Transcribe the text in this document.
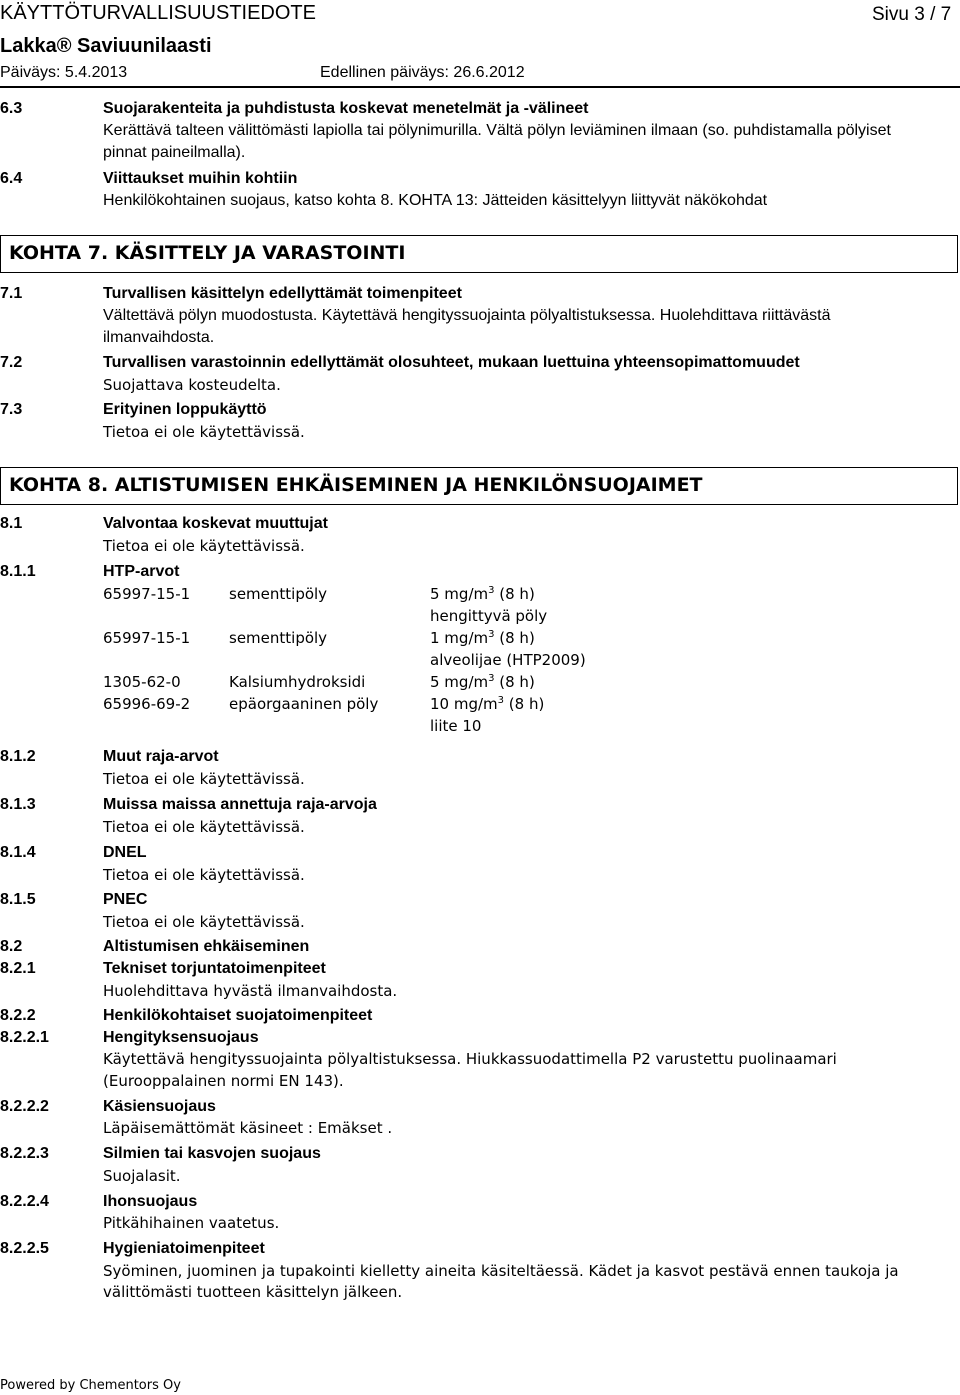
KÄYTTÖTURVALLISUUSTIEDOTE	Sivu 3 / 7
Lakka® Saviuunilaasti
Päiväys: 5.4.2013	Edellinen päiväys: 26.6.2012
6.3	Suojarakenteita ja puhdistusta koskevat menetelmät ja -välineet
Kerättävä talteen välittömästi lapiolla tai pölynimurilla. Vältä pölyn leviäminen ilmaan (so. puhdistamalla pölyiset
pinnat paineilmalla).
6.4	Viittaukset muihin kohtiin
Henkilökohtainen suojaus, katso kohta 8. KOHTA 13: Jätteiden käsittelyyn liittyvät näkökohdat
KOHTA 7. KÄSITTELY JA VARASTOINTI
7.1	Turvallisen käsittelyn edellyttämät toimenpiteet
Vältettävä pölyn muodostusta. Käytettävä hengityssuojainta pölyaltistuksessa. Huolehdittava riittävästä
ilmanvaihdosta.
7.2	Turvallisen varastoinnin edellyttämät olosuhteet, mukaan luettuina yhteensopimattomuudet
Suojattava kosteudelta.
7.3	Erityinen loppukäyttö
Tietoa ei ole käytettävissä.
KOHTA 8. ALTISTUMISEN EHKÄISEMINEN JA HENKILÖNSUOJAIMET
8.1	Valvontaa koskevat muuttujat
Tietoa ei ole käytettävissä.
8.1.1	HTP-arvot
65997-15-1	sementtipöly	5 $mg/m^3$ (8 h)
hengittyvä pöly
65997-15-1	sementtipöly	1 $mg/m^3$ (8 h)
alveolijae (HTP2009)
1305-62-0	Kalsiumhydroksidi	5 $mg/m^3$ (8 h)
65996-69-2	epäorgaaninen pöly	10 $mg/m^3$ (8 h)
liite 10
8.1.2	Muut raja-arvot
Tietoa ei ole käytettävissä.
8.1.3	Muissa maissa annettuja raja-arvoja
Tietoa ei ole käytettävissä.
8.1.4	DNEL
Tietoa ei ole käytettävissä.
8.1.5	PNEC
Tietoa ei ole käytettävissä.
8.2	Altistumisen ehkäiseminen
8.2.1	Tekniset torjuntatoimenpiteet
Huolehdittava hyvästä ilmanvaihdosta.
8.2.2	Henkilökohtaiset suojatoimenpiteet
8.2.2.1	Hengityksensuojaus
Käytettävä hengityssuojainta pölyaltistuksessa. Hiukkassuodattimella P2 varustettu puolinaamari
(Eurooppalainen normi EN 143).
8.2.2.2	Käsiensuojaus
Läpäisemättömät käsineet : Emäkset .
8.2.2.3	Silmien tai kasvojen suojaus
Suojalasit.
8.2.2.4	Ihonsuojaus
Pitkähihainen vaatetus.
8.2.2.5	Hygieniatoimenpiteet
Syöminen, juominen ja tupakointi kielletty aineita käsiteltäessä. Kädet ja kasvot pestävä ennen taukoja ja
välittömästi tuotteen käsittelyn jälkeen.
Powered by Chementors Oy
